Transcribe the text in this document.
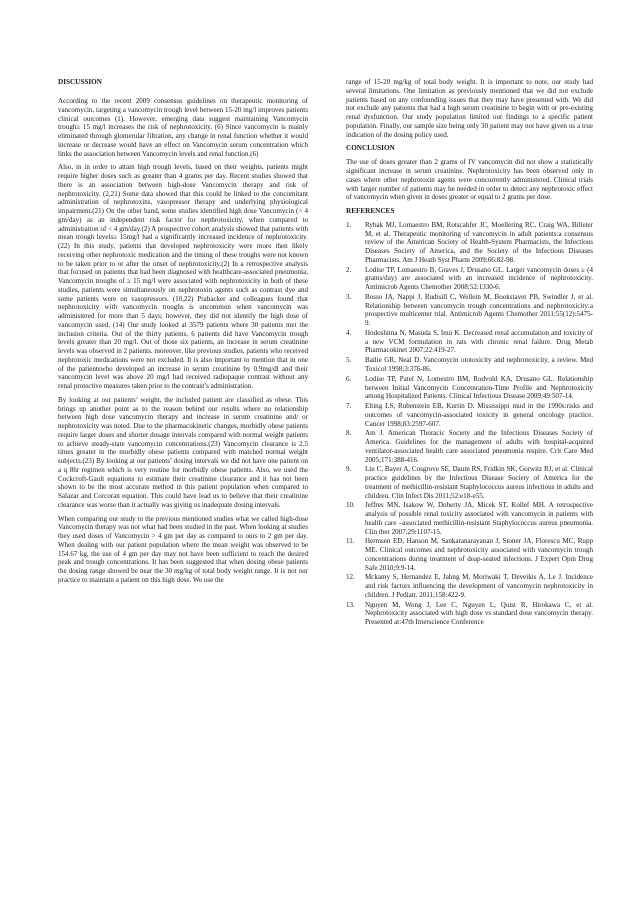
DISCUSSION

According to the recent 2009 consensus guidelines on therapeutic monitoring of vancomycin, targeting a vancomycin trough level between 15-20 mg/l improves patients clinical outcomes (1). However, emerging data suggest maintaining Vancomycin trough≥ 15 mg/l increases the risk of nephrotoxicity. (6) Since vancomycin is mainly eliminated through glomerular filtration, any change in renal function whether it would increase or decrease would have an effect on Vancomycin serum concentration which links the association between Vancomycin levels and renal function.(6)

Also, in in order to attain high trough levels, based on their weights, patients might require higher doses such as greater than 4 grams per day. Recent studies showed that there is an association between high-dose Vancomycin therapy and risk of nephrotoxicity. (2,21) Some data showed that this could be linked to the concomitant administration of nephrotoxins, vasopressor therapy and underlying physiological impairment.(21) On the other hand, some studies identified high dose Vancomycin (> 4 gm/day) as an independent risk factor for nephrotoxicity, when compared to administration of < 4 gm/day.(2) A prospective cohort analysis showed that patients with mean trough levels≥ 15mg/l had a significantly increased incidence of nephrotoxicity.(22) In this study, patients that developed nephrotoxicity were more then likely receiving other nephrotoxic medication and the timing of these troughs were not known to be taken prior to or after the onset of nephrotoxicity.(2) In a retrospective analysis that focused on patients that had been diagnosed with healthcare-associated pneumonia, Vancomycin troughs of ≥ 15 mg/l were associated with nephrotoxicity in both of these studies, patients were simultaneously on nephrotoxin agents such as contrast dye and some patients were on vasopressors. (10,22) Prabacker and colleagues found that nephrotoxicity with vancomycin troughs is uncommon when vancomycin was administered for more than 5 days; however, they did not identify the high dose of vancomycin used. (14) Our study looked at 3579 patients where 30 patients met the inclusion criteria. Out of the thirty patients, 6 patients did have Vancomycin trough levels greater than 20 mg/l. Out of those six patients, an increase in serum creatinine levels was observed in 2 patients. moreover, like previous studies, patients who received nephrotoxic medications were not excluded. It is also important to mention that in one of the patientswho developed an increase in serum creatinine by 0.9mg/dl and their vancomycin level was above 20 mg/l had received radiopaque contrast without any renal protective measures taken prior to the contrast’s administration.

By looking at our patients’ weight, the included patient are classified as obese. This brings up another point as to the reason behind our results where no relationship between high dose vancomycin therapy and increase in serum creatinine and/ or nephrotoxicity was noted. Due to the pharmacokinetic changes, morbidly obese patients require larger doses and shorter dosage intervals compared with normal weight patients to achieve steady-state vancomycin concentrations.(23) Vancomycin clearance is 2.5 times greater in the morbidly obese patients compared with matched normal weight subjects.(23) By looking at our patients’ dosing intervals we did not have one patient on a q 8hr regimen which is very routine for morbidly obese patients. Also, we used the Cockcroft-Gault equations to estimate their creatinine clearance and it has not been shown to be the most accurate method in this patient population when compared to Salazar and Corcoran equation. This could have lead us to believe that their creatinine clearance was worse than it actually was giving us inadequate dosing intervals.

When comparing our study to the previous mentioned studies what we called high-dose Vancomycin therapy was not what had been studied in the past. When looking at studies they used doses of Vancomycin > 4 gm per day as compared to ours to 2 gm per day. When dealing with our patient population where the mean weight was observed to be 154.67 kg, the use of 4 gm per day may not have been sufficient to reach the desired peak and trough concentrations. It has been suggested that when dosing obese patients the dosing range showed be near the 30 mg/kg of total body weight range. It is not our practice to maintain a patient on this high dose. We use the

range of 15-20 mg/kg of total body weight. It is important to note, our study had several limitations. One limitation as previously mentioned that we did not exclude patients based on any confounding issues that they may have presented with. We did not exclude any patients that had a high serum creatinine to begin with or pre-existing renal dysfunction. Our study population limited our findings to a specific patient population. Finally, our sample size being only 30 patient may not have given us a true indication of the dosing policy used.

CONCLUSION

The use of doses greater than 2 grams of IV vancomycin did not show a statistically significant increase in serum creatinine. Nephrotoxicity has been observed only in cases where other nephrotoxin agents were concurrently administered. Clinical trials with larger number of patients may be needed in order to detect any nephrotoxic effect of vancomycin when given in doses greater or equal to 2 grams per dose.

REFERENCES
1. Rybak MJ, Lomaestro BM, Rotscahfer JC, Moellering RC, Craig WA, Billeter M, et al. Therapeutic monitoring of vancomycin in adult patients:a consensus review of the American Society of Health-System Pharmacists, the Infectious Diseases Society of America, and the Society of the Infectious Diseases Pharmacists. Am J Heath Syst Pharm 2009;66:82-98.
2. Lodise TP, Lomaestro B, Graves J, Drusano GL. Larger vancomycin doses ≥ (4 grams/day) are associated with an increased incidence of nephrotoxicity. Antimicrob Agents Chemother 2008;52:1330-6.
3. Bosso JA, Nappi J, Rudisill C, Wellein M, Bookstaver PB, Swindler J, et al. Relationship between vancomycin trough concentrations and nephrotoxicity:a prospective multicenter trial. Antimicrob Agents Chemother 2011;55(12):5475-9.
4. Hodoshima N, Masuda S, Inui K. Decreased renal accumulation and toxicity of a new VCM formulation in rats with chronic renal failure. Drug Metab Pharmacokinet 2007;22:419-27.
5. Bailie GR, Neal D. Vancomycin ototoxicity and nephrotoxicity, a review. Med Toxicol 1998;3:376-86.
6. Lodise TP, Patel N, Lomestro BM, Rodvold KA, Drusano GL. Relationship between Initial Vancomycin Concetnration-Time Profile and Nephrotoxicity among Hospitalized Patients. Clinical Infectious Disease 2009;49:507-14.
7. Elting LS, Rubenstein EB, Kurtin D. Mississippi mud in the 1990s:risks and outcomes of vancomycin-associated toxicity in general oncology practice. Cancer 1998;83:2597-607.
8. Am J. American Thoracic Society and the Infectious Diseases Society of America. Guidelines for the management of adults with hospital-acquired ventilator-associated health care associated pneumonia respire. Crit Care Med 2005;171:388-416.
9. Liu C, Bayer A, Cosgrove SE, Daum RS, Fridkin SK, Gorwitz RJ, et al. Clinical practice guidelines by the Infectious Disease Society of America for the treatment of methicillin-resistant Staphylococcus aureus infectious in adults and children. Clin Infect Dis 2011;52:e18-e55.
10. Jeffres MN, Isakow W, Doherty JA, Micek ST, Kollef MH. A retrospective analysis of possible renal toxicity associated with vancomycin in patients with health care –associated methicillin-resistant Staphylococcus aureus pneumonia. Clin ther 2007;29:1107-15.
11. Hermsen ED, Hanson M, Sankaranarayanan J, Stoner JA, Florescu MC, Rupp ME. Clinical outcomes and nephrotoxicity associated with vancomycin trough concentrations during treatment of deap-seated infections. J Expert Opin Drug Safe 2010;9:9-14.
12. Mckamy S, Hernandez E, Jahng M, Moriwaki T, Deveikis A, Le J. Incidence and risk factors influencing the development of vancomycin nephrotoxicity in children. J Pediatr. 2011;158:422-9.
13. Nguyen M, Wong J, Lee C, Nguyen L, Quist R, Hirokawa C, et al. Nephrotoxicity associated with high dose vs standard dose vancomycin therapy. Presented at:47th Interscience Conference
